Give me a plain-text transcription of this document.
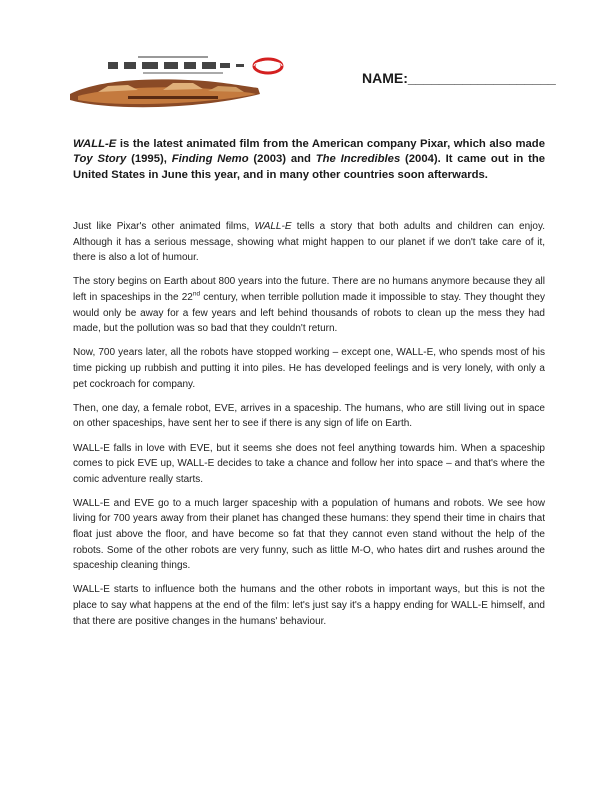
NAME:___________________
WALL-E is the latest animated film from the American company Pixar, which also made Toy Story (1995), Finding Nemo (2003) and The Incredibles (2004). It came out in the United States in June this year, and in many other countries soon afterwards.

Just like Pixar's other animated films, WALL-E tells a story that both adults and children can enjoy. Although it has a serious message, showing what might happen to our planet if we don't take care of it, there is also a lot of humour.

The story begins on Earth about 800 years into the future. There are no humans anymore because they all left in spaceships in the 22nd century, when terrible pollution made it impossible to stay. They thought they would only be away for a few years and left behind thousands of robots to clean up the mess they had made, but the pollution was so bad that they couldn't return.

Now, 700 years later, all the robots have stopped working – except one, WALL-E, who spends most of his time picking up rubbish and putting it into piles. He has developed feelings and is very lonely, with only a pet cockroach for company.

Then, one day, a female robot, EVE, arrives in a spaceship. The humans, who are still living out in space on other spaceships, have sent her to see if there is any sign of life on Earth.

WALL-E falls in love with EVE, but it seems she does not feel anything towards him. When a spaceship comes to pick EVE up, WALL-E decides to take a chance and follow her into space – and that's where the comic adventure really starts.

WALL-E and EVE go to a much larger spaceship with a population of humans and robots. We see how living for 700 years away from their planet has changed these humans: they spend their time in chairs that float just above the floor, and have become so fat that they cannot even stand without the help of the robots. Some of the other robots are very funny, such as little M-O, who hates dirt and rushes around the spaceship cleaning things.

WALL-E starts to influence both the humans and the other robots in important ways, but this is not the place to say what happens at the end of the film: let's just say it's a happy ending for WALL-E himself, and that there are positive changes in the humans' behaviour.
